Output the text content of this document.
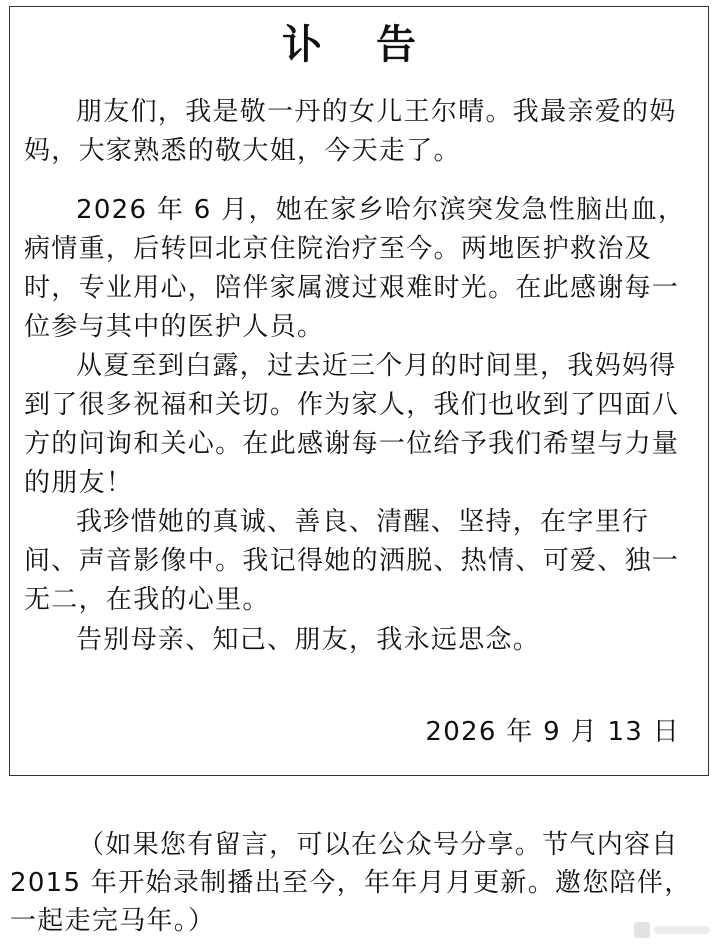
讣 告

朋友们，我是敬一丹的女儿王尔晴。我最亲爱的妈妈，大家熟悉的敬大姐，今天走了。

2026 年 6 月，她在家乡哈尔滨突发急性脑出血，病情重，后转回北京住院治疗至今。两地医护救治及时，专业用心，陪伴家属渡过艰难时光。在此感谢每一位参与其中的医护人员。

从夏至到白露，过去近三个月的时间里，我妈妈得到了很多祝福和关切。作为家人，我们也收到了四面八方的问询和关心。在此感谢每一位给予我们希望与力量的朋友！

我珍惜她的真诚、善良、清醒、坚持，在字里行间、声音影像中。我记得她的洒脱、热情、可爱、独一无二，在我的心里。

告别母亲、知己、朋友，我永远思念。

2026 年 9 月 13 日

（如果您有留言，可以在公众号分享。节气内容自 2015 年开始录制播出至今，年年月月更新。邀您陪伴，一起走完马年。）
